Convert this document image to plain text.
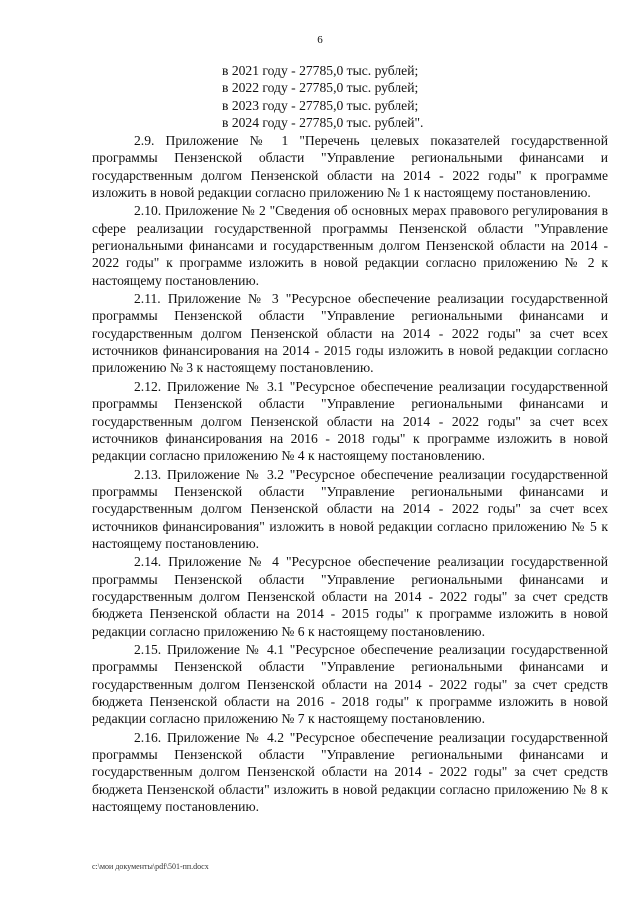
6
в 2021 году - 27785,0 тыс. рублей;
в 2022 году - 27785,0 тыс. рублей;
в 2023 году - 27785,0 тыс. рублей;
в 2024 году - 27785,0 тыс. рублей".

2.9. Приложение № 1 "Перечень целевых показателей государственной программы Пензенской области "Управление региональными финансами и государственным долгом Пензенской области на 2014 - 2022 годы" к программе изложить в новой редакции согласно приложению № 1 к настоящему постановлению.

2.10. Приложение № 2 "Сведения об основных мерах правового регулирования в сфере реализации государственной программы Пензенской области "Управление региональными финансами и государственным долгом Пензенской области на 2014 - 2022 годы" к программе изложить в новой редакции согласно приложению № 2 к настоящему постановлению.

2.11. Приложение № 3 "Ресурсное обеспечение реализации государственной программы Пензенской области "Управление региональными финансами и государственным долгом Пензенской области на 2014 - 2022 годы" за счет всех источников финансирования на 2014 - 2015 годы изложить в новой редакции согласно приложению № 3 к настоящему постановлению.

2.12. Приложение № 3.1 "Ресурсное обеспечение реализации государственной программы Пензенской области "Управление региональными финансами и государственным долгом Пензенской области на 2014 - 2022 годы" за счет всех источников финансирования на 2016 - 2018 годы" к программе изложить в новой редакции согласно приложению № 4 к настоящему постановлению.

2.13. Приложение № 3.2 "Ресурсное обеспечение реализации государственной программы Пензенской области "Управление региональными финансами и государственным долгом Пензенской области на 2014 - 2022 годы" за счет всех источников финансирования" изложить в новой редакции согласно приложению № 5 к настоящему постановлению.

2.14. Приложение № 4 "Ресурсное обеспечение реализации государственной программы Пензенской области "Управление региональными финансами и государственным долгом Пензенской области на 2014 - 2022 годы" за счет средств бюджета Пензенской области на 2014 - 2015 годы" к программе изложить в новой редакции согласно приложению № 6 к настоящему постановлению.

2.15. Приложение № 4.1 "Ресурсное обеспечение реализации государственной программы Пензенской области "Управление региональными финансами и государственным долгом Пензенской области на 2014 - 2022 годы" за счет средств бюджета Пензенской области на 2016 - 2018 годы" к программе изложить в новой редакции согласно приложению № 7 к настоящему постановлению.

2.16. Приложение № 4.2 "Ресурсное обеспечение реализации государственной программы Пензенской области "Управление региональными финансами и государственным долгом Пензенской области на 2014 - 2022 годы" за счет средств бюджета Пензенской области" изложить в новой редакции согласно приложению № 8 к настоящему постановлению.

c:\мои документы\pdf\501-пп.docx
